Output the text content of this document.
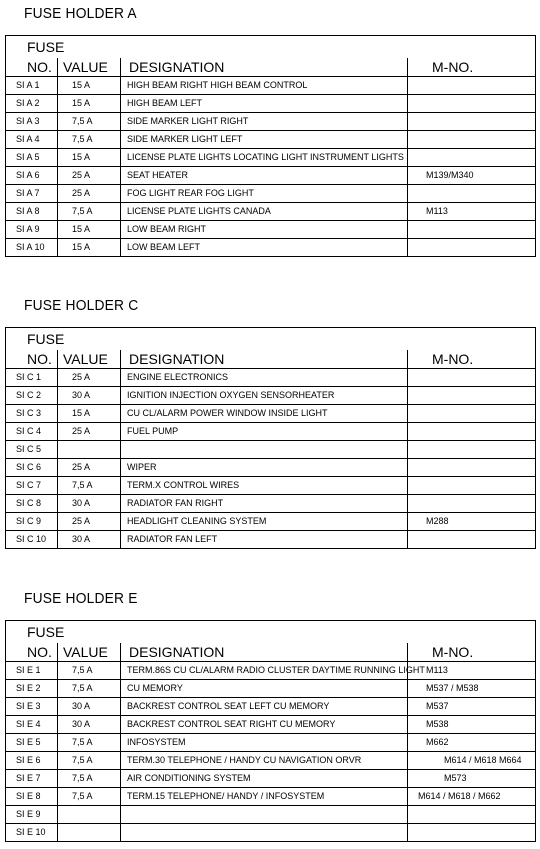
FUSE HOLDER A
FUSE			
NO.	VALUE	DESIGNATION	M-NO.
SI A 1	15 A	HIGH BEAM RIGHT HIGH BEAM CONTROL	
SI A 2	15 A	HIGH BEAM LEFT	
SI A 3	7,5 A	SIDE MARKER LIGHT RIGHT	
SI A 4	7,5 A	SIDE MARKER LIGHT LEFT	
SI A 5	15 A	LICENSE PLATE LIGHTS LOCATING LIGHT INSTRUMENT LIGHTS	
SI A 6	25 A	SEAT HEATER	M139/M340
SI A 7	25 A	FOG LIGHT REAR FOG LIGHT	
SI A 8	7,5 A	LICENSE PLATE LIGHTS CANADA	M113
SI A 9	15 A	LOW BEAM RIGHT	
SI A 10	15 A	LOW BEAM LEFT	
FUSE HOLDER C
FUSE			
NO.	VALUE	DESIGNATION	M-NO.
SI C 1	25 A	ENGINE ELECTRONICS	
SI C 2	30 A	IGNITION INJECTION OXYGEN SENSORHEATER	
SI C 3	15 A	CU CL/ALARM POWER WINDOW INSIDE LIGHT	
SI C 4	25 A	FUEL PUMP	
SI C 5			
SI C 6	25 A	WIPER	
SI C 7	7,5 A	TERM.X CONTROL WIRES	
SI C 8	30 A	RADIATOR FAN RIGHT	
SI C 9	25 A	HEADLIGHT CLEANING SYSTEM	M288
SI C 10	30 A	RADIATOR FAN LEFT	
FUSE HOLDER E
FUSE			
NO.	VALUE	DESIGNATION	M-NO.
SI E 1	7,5 A	TERM.86S CU CL/ALARM RADIO CLUSTER DAYTIME RUNNING LIGHT	M113
SI E 2	7,5 A	CU MEMORY	M537 / M538
SI E 3	30 A	BACKREST CONTROL SEAT LEFT CU MEMORY	M537
SI E 4	30 A	BACKREST CONTROL SEAT RIGHT CU MEMORY	M538
SI E 5	7,5 A	INFOSYSTEM	M662
SI E 6	7,5 A	TERM.30 TELEPHONE / HANDY CU NAVIGATION ORVR	M614 / M618 M664
SI E 7	7,5 A	AIR CONDITIONING SYSTEM	M573
SI E 8	7,5 A	TERM.15 TELEPHONE/ HANDY / INFOSYSTEM	M614 / M618 / M662
SI E 9			
SI E 10			
